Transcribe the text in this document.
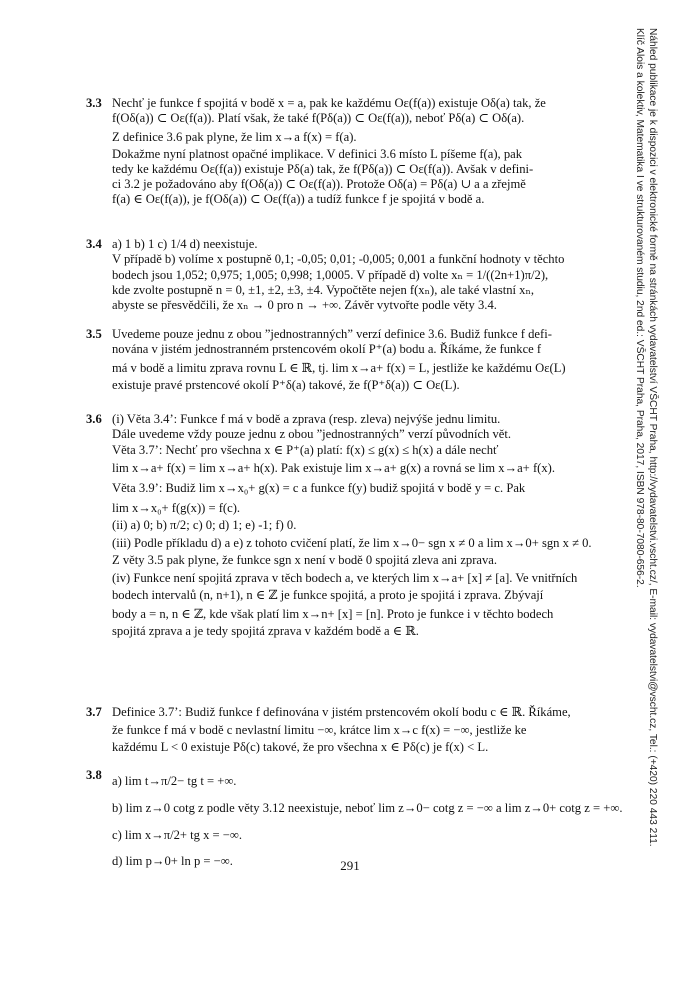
Náhled publikace je k dispozici v elektronické formě na stránkách vydavatelství VŠCHT Praha, http://vydavatelstvi.vscht.cz/, E-mail: vydavatelstvi@vscht.cz, Tel.: (+420) 220 443 211.
Klíč Alois a kolektiv, Matematika I ve strukturovaném studiu, 2nd ed.: VŠCHT Praha, Praha, 2017, ISBN 978-80-7080-656-2.
3.3 Nechť je funkce f spojitá v bodě x = a, pak ke každému Oε(f(a)) existuje Oδ(a) tak, že
f(Oδ(a)) ⊂ Oε(f(a)). Platí však, že také f(Pδ(a)) ⊂ Oε(f(a)), neboť Pδ(a) ⊂ Oδ(a).
Z definice 3.6 pak plyne, že lim x→a f(x) = f(a).
Dokažme nyní platnost opačné implikace. V definici 3.6 místo L píšeme f(a), pak
tedy ke každému Oε(f(a)) existuje Pδ(a) tak, že f(Pδ(a)) ⊂ Oε(f(a)). Avšak v defini-
ci 3.2 je požadováno aby f(Oδ(a)) ⊂ Oε(f(a)). Protože Oδ(a) = Pδ(a) ∪ a a zřejmě
f(a) ∈ Oε(f(a)), je f(Oδ(a)) ⊂ Oε(f(a)) a tudíž funkce f je spojitá v bodě a.
3.4 a) 1 b) 1 c) 1/4 d) neexistuje.
V případě b) volíme x postupně 0,1; -0,05; 0,01; -0,005; 0,001 a funkční hodnoty v těchto
bodech jsou 1,052; 0,975; 1,005; 0,998; 1,0005. V případě d) volte xₙ = 1/((2n+1)π/2),
kde zvolte postupně n = 0, ±1, ±2, ±3, ±4. Vypočtěte nejen f(xₙ), ale také vlastní xₙ,
abyste se přesvědčili, že xₙ → 0 pro n → +∞. Závěr vytvořte podle věty 3.4.
3.5 Uvedeme pouze jednu z obou ”jednostranných” verzí definice 3.6. Budiž funkce f defi-
nována v jistém jednostranném prstencovém okolí P⁺(a) bodu a. Říkáme, že funkce f
má v bodě a limitu zprava rovnu L ∈ ℝ, tj. lim x→a+ f(x) = L, jestliže ke každému Oε(L)
existuje pravé prstencové okolí P⁺δ(a) takové, že f(P⁺δ(a)) ⊂ Oε(L).
3.6 (i) Věta 3.4’: Funkce f má v bodě a zprava (resp. zleva) nejvýše jednu limitu.
Dále uvedeme vždy pouze jednu z obou ”jednostranných” verzí původních vět.
Věta 3.7’: Nechť pro všechna x ∈ P⁺(a) platí: f(x) ≤ g(x) ≤ h(x) a dále nechť
lim x→a+ f(x) = lim x→a+ h(x). Pak existuje lim x→a+ g(x) a rovná se lim x→a+ f(x).
Věta 3.9’: Budiž lim x→x₀+ g(x) = c a funkce f(y) budiž spojitá v bodě y = c. Pak
lim x→x₀+ f(g(x)) = f(c).
(ii) a) 0; b) π/2; c) 0; d) 1; e) -1; f) 0.
(iii) Podle příkladu d) a e) z tohoto cvičení platí, že lim x→0− sgn x ≠ 0 a lim x→0+ sgn x ≠ 0.
Z věty 3.5 pak plyne, že funkce sgn x není v bodě 0 spojitá zleva ani zprava.
(iv) Funkce není spojitá zprava v těch bodech a, ve kterých lim x→a+ [x] ≠ [a]. Ve vnitřních
bodech intervalů (n, n+1), n ∈ ℤ je funkce spojitá, a proto je spojitá i zprava. Zbývají
body a = n, n ∈ ℤ, kde však platí lim x→n+ [x] = [n]. Proto je funkce i v těchto bodech
spojitá zprava a je tedy spojitá zprava v každém bodě a ∈ ℝ.
3.7 Definice 3.7’: Budiž funkce f definována v jistém prstencovém okolí bodu c ∈ ℝ. Říkáme,
že funkce f má v bodě c nevlastní limitu −∞, krátce lim x→c f(x) = −∞, jestliže ke
každému L < 0 existuje Pδ(c) takové, že pro všechna x ∈ Pδ(c) je f(x) < L.
3.8 a) lim t→π/2− tg t = +∞.
b) lim z→0 cotg z podle věty 3.12 neexistuje, neboť lim z→0− cotg z = −∞ a lim z→0+ cotg z = +∞.
c) lim x→π/2+ tg x = −∞.
d) lim p→0+ ln p = −∞.	291
